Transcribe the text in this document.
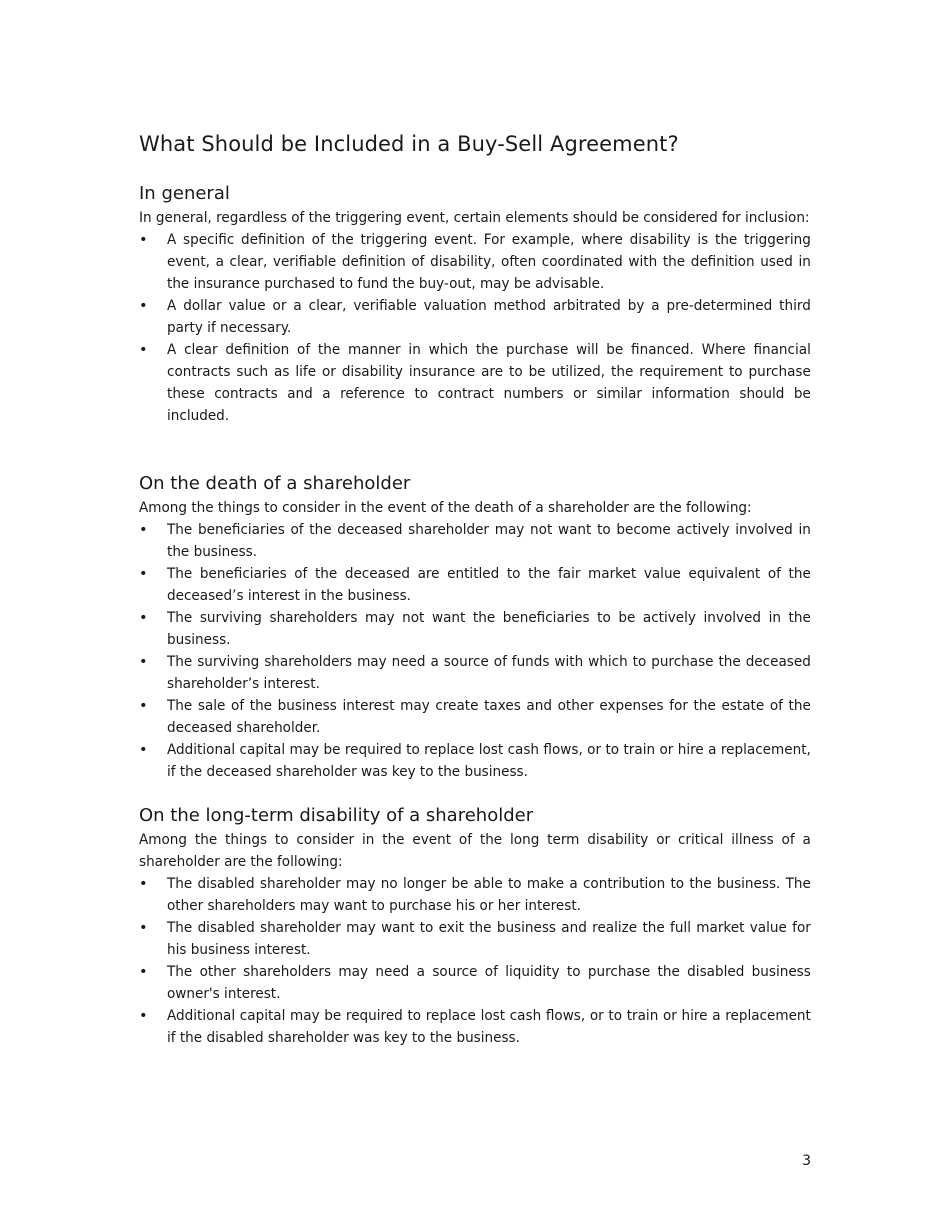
What Should be Included in a Buy-Sell Agreement?
In general

In general, regardless of the triggering event, certain elements should be considered for inclusion:

• A specific definition of the triggering event. For example, where disability is the triggering event, a clear, verifiable definition of disability, often coordinated with the definition used in the insurance purchased to fund the buy-out, may be advisable.
• A dollar value or a clear, verifiable valuation method arbitrated by a pre-determined third party if necessary.
• A clear definition of the manner in which the purchase will be financed. Where financial contracts such as life or disability insurance are to be utilized, the requirement to purchase these contracts and a reference to contract numbers or similar information should be included.
On the death of a shareholder

Among the things to consider in the event of the death of a shareholder are the following:

• The beneficiaries of the deceased shareholder may not want to become actively involved in the business.
• The beneficiaries of the deceased are entitled to the fair market value equivalent of the deceased’s interest in the business.
• The surviving shareholders may not want the beneficiaries to be actively involved in the business.
• The surviving shareholders may need a source of funds with which to purchase the deceased shareholder’s interest.
• The sale of the business interest may create taxes and other expenses for the estate of the deceased shareholder.
• Additional capital may be required to replace lost cash flows, or to train or hire a replacement, if the deceased shareholder was key to the business.
On the long-term disability of a shareholder

Among the things to consider in the event of the long term disability or critical illness of a shareholder are the following:

• The disabled shareholder may no longer be able to make a contribution to the business. The other shareholders may want to purchase his or her interest.
• The disabled shareholder may want to exit the business and realize the full market value for his business interest.
• The other shareholders may need a source of liquidity to purchase the disabled business owner's interest.
• Additional capital may be required to replace lost cash flows, or to train or hire a replacement if the disabled shareholder was key to the business.
3
